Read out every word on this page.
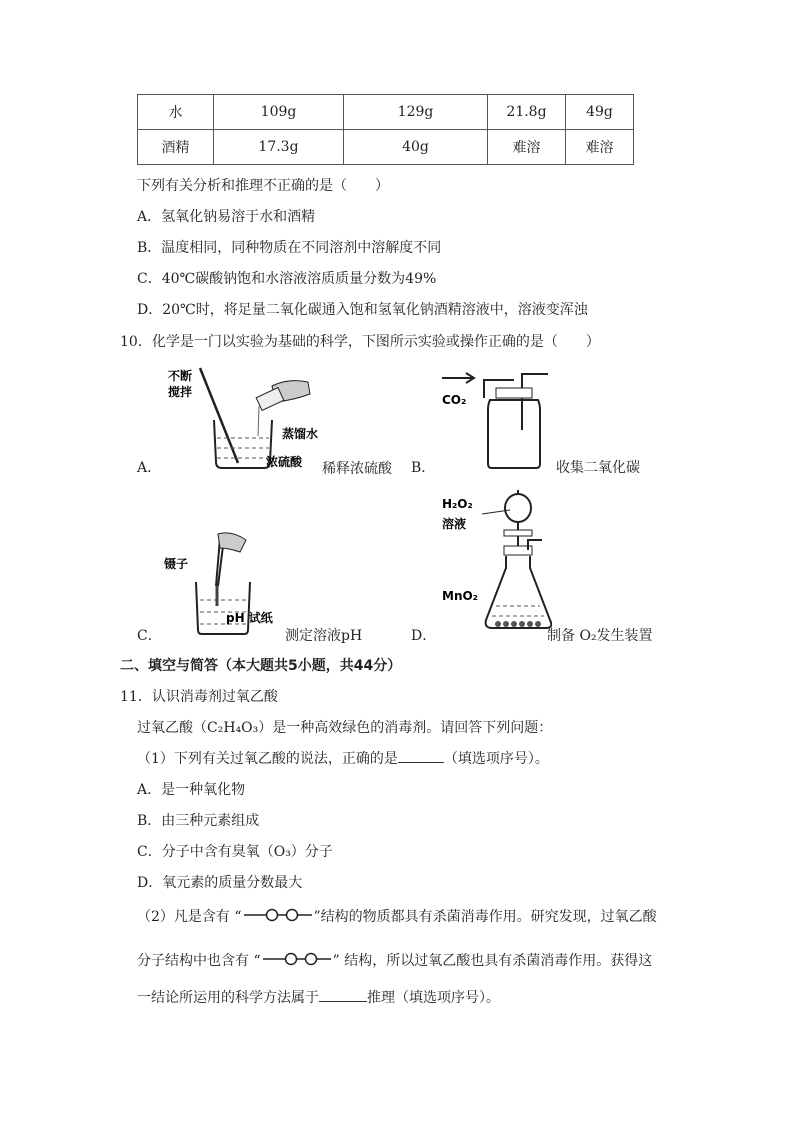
水	109g	129g	21.8g	49g
酒精	17.3g	40g	难溶	难溶
下列有关分析和推理不正确的是（　　）
A．氢氧化钠易溶于水和酒精
B．温度相同，同种物质在不同溶剂中溶解度不同
C．40℃碳酸钠饱和水溶液溶质质量分数为49%
D．20℃时，将足量二氧化碳通入饱和氢氧化钠酒精溶液中，溶液变浑浊
10．化学是一门以实验为基础的科学，下图所示实验或操作正确的是（　　）
A．
不断
搅拌
蒸馏水
浓硫酸 稀释浓硫酸 B．
CO₂
收集二氧化碳
C．
镊子
pH 试纸
测定溶液pH	D．
H₂O₂
溶液
MnO₂
制备 O₂发生装置
二、填空与简答（本大题共5小题，共44分）
11．认识消毒剂过氧乙酸
过氧乙酸（C₂H₄O₃）是一种高效绿色的消毒剂。请回答下列问题：
（1）下列有关过氧乙酸的说法，正确的是	（填选项序号）。
A．是一种氧化物
B．由三种元素组成
C．分子中含有臭氧（O₃）分子
D．氧元素的质量分数最大
（2）凡是含有 “	”结构的物质都具有杀菌消毒作用。研究发现，过氧乙酸
分子结构中也含有 “	” 结构，所以过氧乙酸也具有杀菌消毒作用。获得这
一结论所运用的科学方法属于	推理（填选项序号）。
